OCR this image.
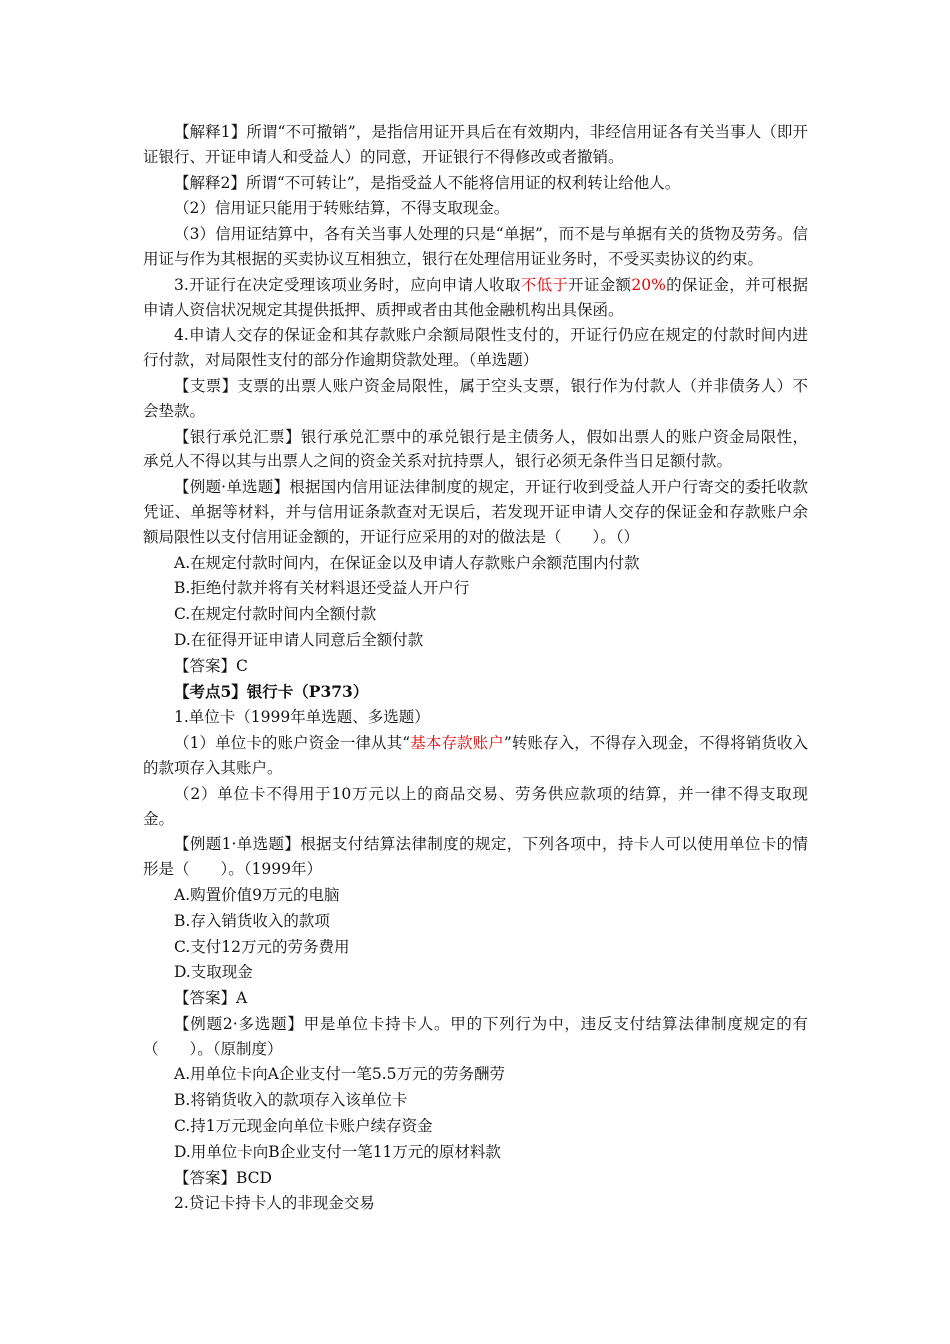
【解释1】所谓“不可撤销”，是指信用证开具后在有效期内，非经信用证各有关当事人（即开证银行、开证申请人和受益人）的同意，开证银行不得修改或者撤销。

【解释2】所谓“不可转让”，是指受益人不能将信用证的权利转让给他人。

（2）信用证只能用于转账结算，不得支取现金。

（3）信用证结算中，各有关当事人处理的只是“单据”，而不是与单据有关的货物及劳务。信用证与作为其根据的买卖协议互相独立，银行在处理信用证业务时，不受买卖协议的约束。

3.开证行在决定受理该项业务时，应向申请人收取不低于开证金额20%的保证金，并可根据申请人资信状况规定其提供抵押、质押或者由其他金融机构出具保函。

4.申请人交存的保证金和其存款账户余额局限性支付的，开证行仍应在规定的付款时间内进行付款，对局限性支付的部分作逾期贷款处理。（单选题）

【支票】支票的出票人账户资金局限性，属于空头支票，银行作为付款人（并非债务人）不会垫款。

【银行承兑汇票】银行承兑汇票中的承兑银行是主债务人，假如出票人的账户资金局限性，承兑人不得以其与出票人之间的资金关系对抗持票人，银行必须无条件当日足额付款。

【例题·单选题】根据国内信用证法律制度的规定，开证行收到受益人开户行寄交的委托收款凭证、单据等材料，并与信用证条款查对无误后，若发现开证申请人交存的保证金和存款账户余额局限性以支付信用证金额的，开证行应采用的对的做法是（　　）。（）

A.在规定付款时间内，在保证金以及申请人存款账户余额范围内付款

B.拒绝付款并将有关材料退还受益人开户行

C.在规定付款时间内全额付款

D.在征得开证申请人同意后全额付款

【答案】C

【考点5】银行卡（P373）

1.单位卡（1999年单选题、多选题）

（1）单位卡的账户资金一律从其“基本存款账户”转账存入，不得存入现金，不得将销货收入的款项存入其账户。

（2）单位卡不得用于10万元以上的商品交易、劳务供应款项的结算，并一律不得支取现金。

【例题1·单选题】根据支付结算法律制度的规定，下列各项中，持卡人可以使用单位卡的情形是（　　）。（1999年）

A.购置价值9万元的电脑

B.存入销货收入的款项

C.支付12万元的劳务费用

D.支取现金

【答案】A

【例题2·多选题】甲是单位卡持卡人。甲的下列行为中，违反支付结算法律制度规定的有（　　）。（原制度）

A.用单位卡向A企业支付一笔5.5万元的劳务酬劳

B.将销货收入的款项存入该单位卡

C.持1万元现金向单位卡账户续存资金

D.用单位卡向B企业支付一笔11万元的原材料款

【答案】BCD

2.贷记卡持卡人的非现金交易
